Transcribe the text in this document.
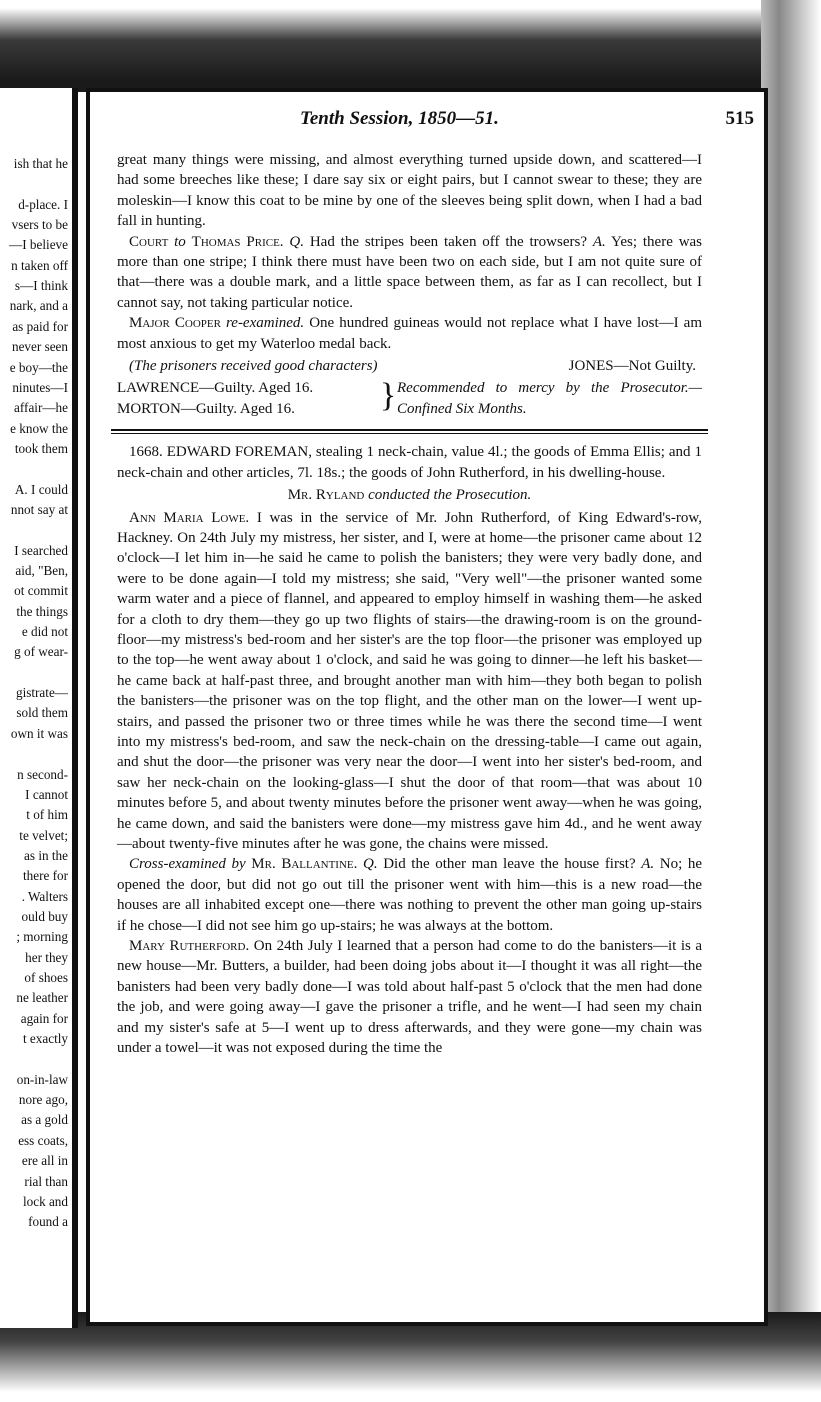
ish that he
d-place. I
vsers to be
—I believe
n taken off
s—I think
nark, and a
as paid for
never seen
e boy—the
ninutes—I
affair—he
e know the
took them
A. I could
nnot say at
I searched
aid, "Ben,
ot commit
the things
e did not
g of wear-
gistrate—
sold them
own it was
n second-
I cannot
t of him
te velvet;
as in the
there for
. Walters
ould buy
; morning
her they
of shoes
ne leather
again for
t exactly
on-in-law
nore ago,
as a gold
ess coats,
ere all in
rial than
lock and
found a
Tenth Session, 1850—51.	515

great many things were missing, and almost everything turned upside down, and scattered—I had some breeches like these; I dare say six or eight pairs, but I cannot swear to these; they are moleskin—I know this coat to be mine by one of the sleeves being split down, when I had a bad fall in hunting.

Court to Thomas Price. Q. Had the stripes been taken off the trowsers? A. Yes; there was more than one stripe; I think there must have been two on each side, but I am not quite sure of that—there was a double mark, and a little space between them, as far as I can recollect, but I cannot say, not taking particular notice.

Major Cooper re-examined. One hundred guineas would not replace what I have lost—I am most anxious to get my Waterloo medal back.

(The prisoners received good characters)	JONES—Not Guilty.
LAWRENCE—Guilty. Aged 16.
MORTON—Guilty. Aged 16.	} Recommended to mercy by the Prosecutor.—Confined Six Months.

1668. EDWARD FOREMAN, stealing 1 neck-chain, value 4l.; the goods of Emma Ellis; and 1 neck-chain and other articles, 7l. 18s.; the goods of John Rutherford, in his dwelling-house.

Mr. Ryland conducted the Prosecution.

Ann Maria Lowe. I was in the service of Mr. John Rutherford, of King Edward's-row, Hackney. On 24th July my mistress, her sister, and I, were at home—the prisoner came about 12 o'clock—I let him in—he said he came to polish the banisters; they were very badly done, and were to be done again—I told my mistress; she said, "Very well"—the prisoner wanted some warm water and a piece of flannel, and appeared to employ himself in washing them—he asked for a cloth to dry them—they go up two flights of stairs—the drawing-room is on the ground-floor—my mistress's bed-room and her sister's are the top floor—the prisoner was employed up to the top—he went away about 1 o'clock, and said he was going to dinner—he left his basket—he came back at half-past three, and brought another man with him—they both began to polish the banisters—the prisoner was on the top flight, and the other man on the lower—I went up-stairs, and passed the prisoner two or three times while he was there the second time—I went into my mistress's bed-room, and saw the neck-chain on the dressing-table—I came out again, and shut the door—the prisoner was very near the door—I went into her sister's bed-room, and saw her neck-chain on the looking-glass—I shut the door of that room—that was about 10 minutes before 5, and about twenty minutes before the prisoner went away—when he was going, he came down, and said the banisters were done—my mistress gave him 4d., and he went away—about twenty-five minutes after he was gone, the chains were missed.

Cross-examined by Mr. Ballantine. Q. Did the other man leave the house first? A. No; he opened the door, but did not go out till the prisoner went with him—this is a new road—the houses are all inhabited except one—there was nothing to prevent the other man going up-stairs if he chose—I did not see him go up-stairs; he was always at the bottom.

Mary Rutherford. On 24th July I learned that a person had come to do the banisters—it is a new house—Mr. Butters, a builder, had been doing jobs about it—I thought it was all right—the banisters had been very badly done—I was told about half-past 5 o'clock that the men had done the job, and were going away—I gave the prisoner a trifle, and he went—I had seen my chain and my sister's safe at 5—I went up to dress afterwards, and they were gone—my chain was under a towel—it was not exposed during the time the
